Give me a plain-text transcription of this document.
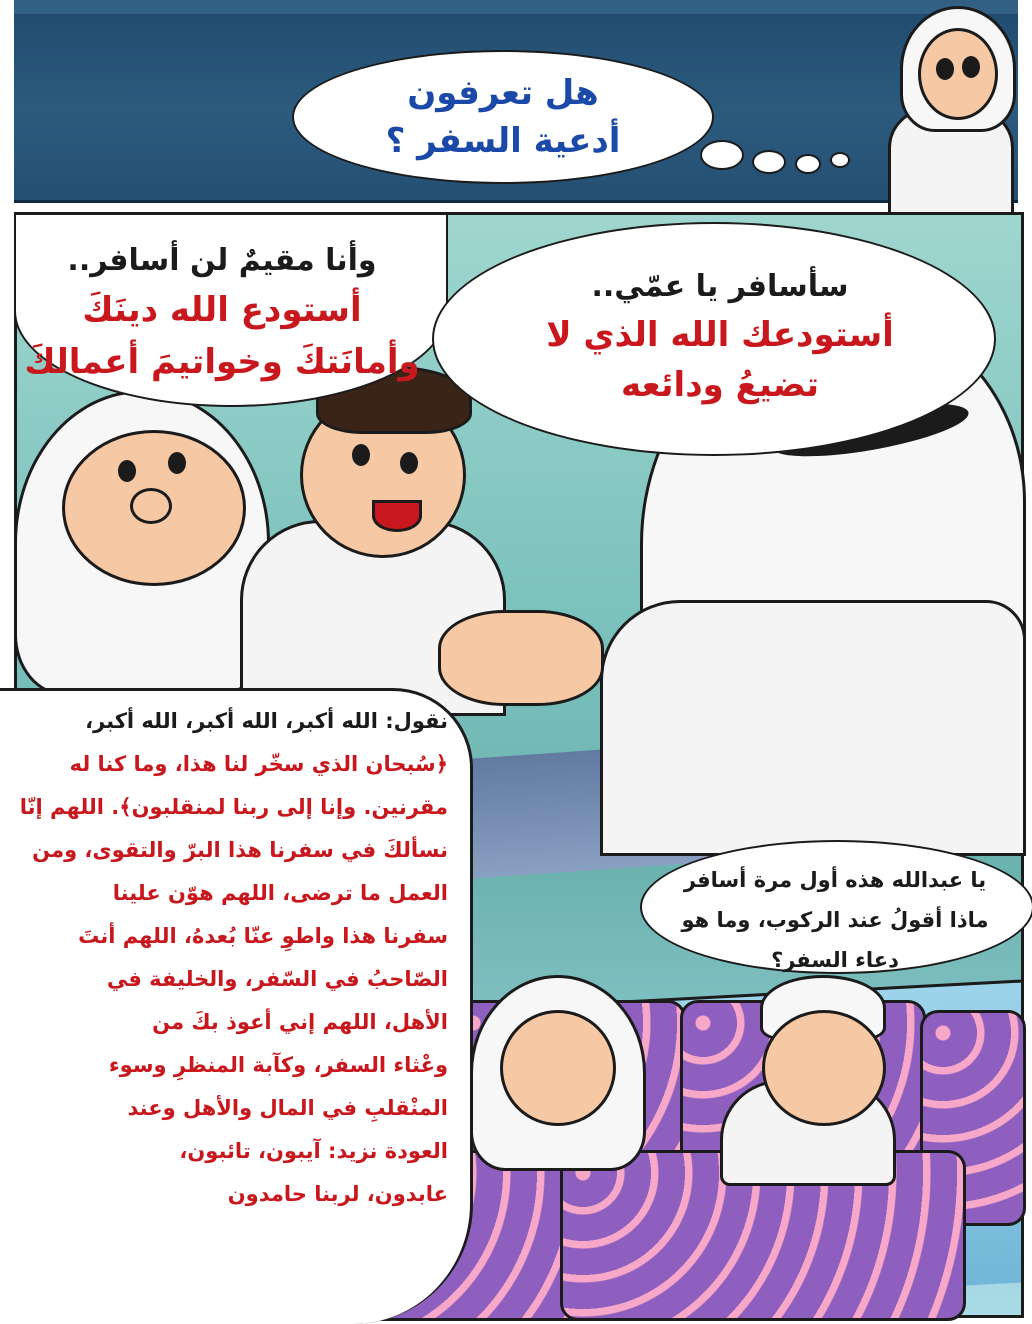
هل تعرفون
أدعية السفر ؟
وأنا مقيمٌ لن أسافر..
أستودع الله دينَكَ
وأمانَتكَ وخواتيمَ أعمالكَ
سأسافر يا عمّي..
أستودعك الله الذي لا
تضيعُ ودائعه
يا عبدالله هذه أول مرة أسافر
ماذا أقولُ عند الركوب، وما هو دعاء السفر؟
نقول: الله أكبر، الله أكبر، الله أكبر،
﴿سُبحان الذي سخّر لنا هذا، وما كنا له
مقرنين. وإنا إلى ربنا لمنقلبون﴾. اللهم إنّا
نسألكَ في سفرنا هذا البرّ والتقوى، ومن
العمل ما ترضى، اللهم هوّن علينا
سفرنا هذا واطوِ عنّا بُعدهُ، اللهم أنتَ
الصّاحبُ في السّفر، والخليفة في
الأهل، اللهم إني أعوذ بكَ من
وعْثاء السفر، وكآبة المنظرِ وسوء
المنْقلبِ في المال والأهل وعند
العودة نزيد: آيبون، تائبون،
عابدون، لربنا حامدون
